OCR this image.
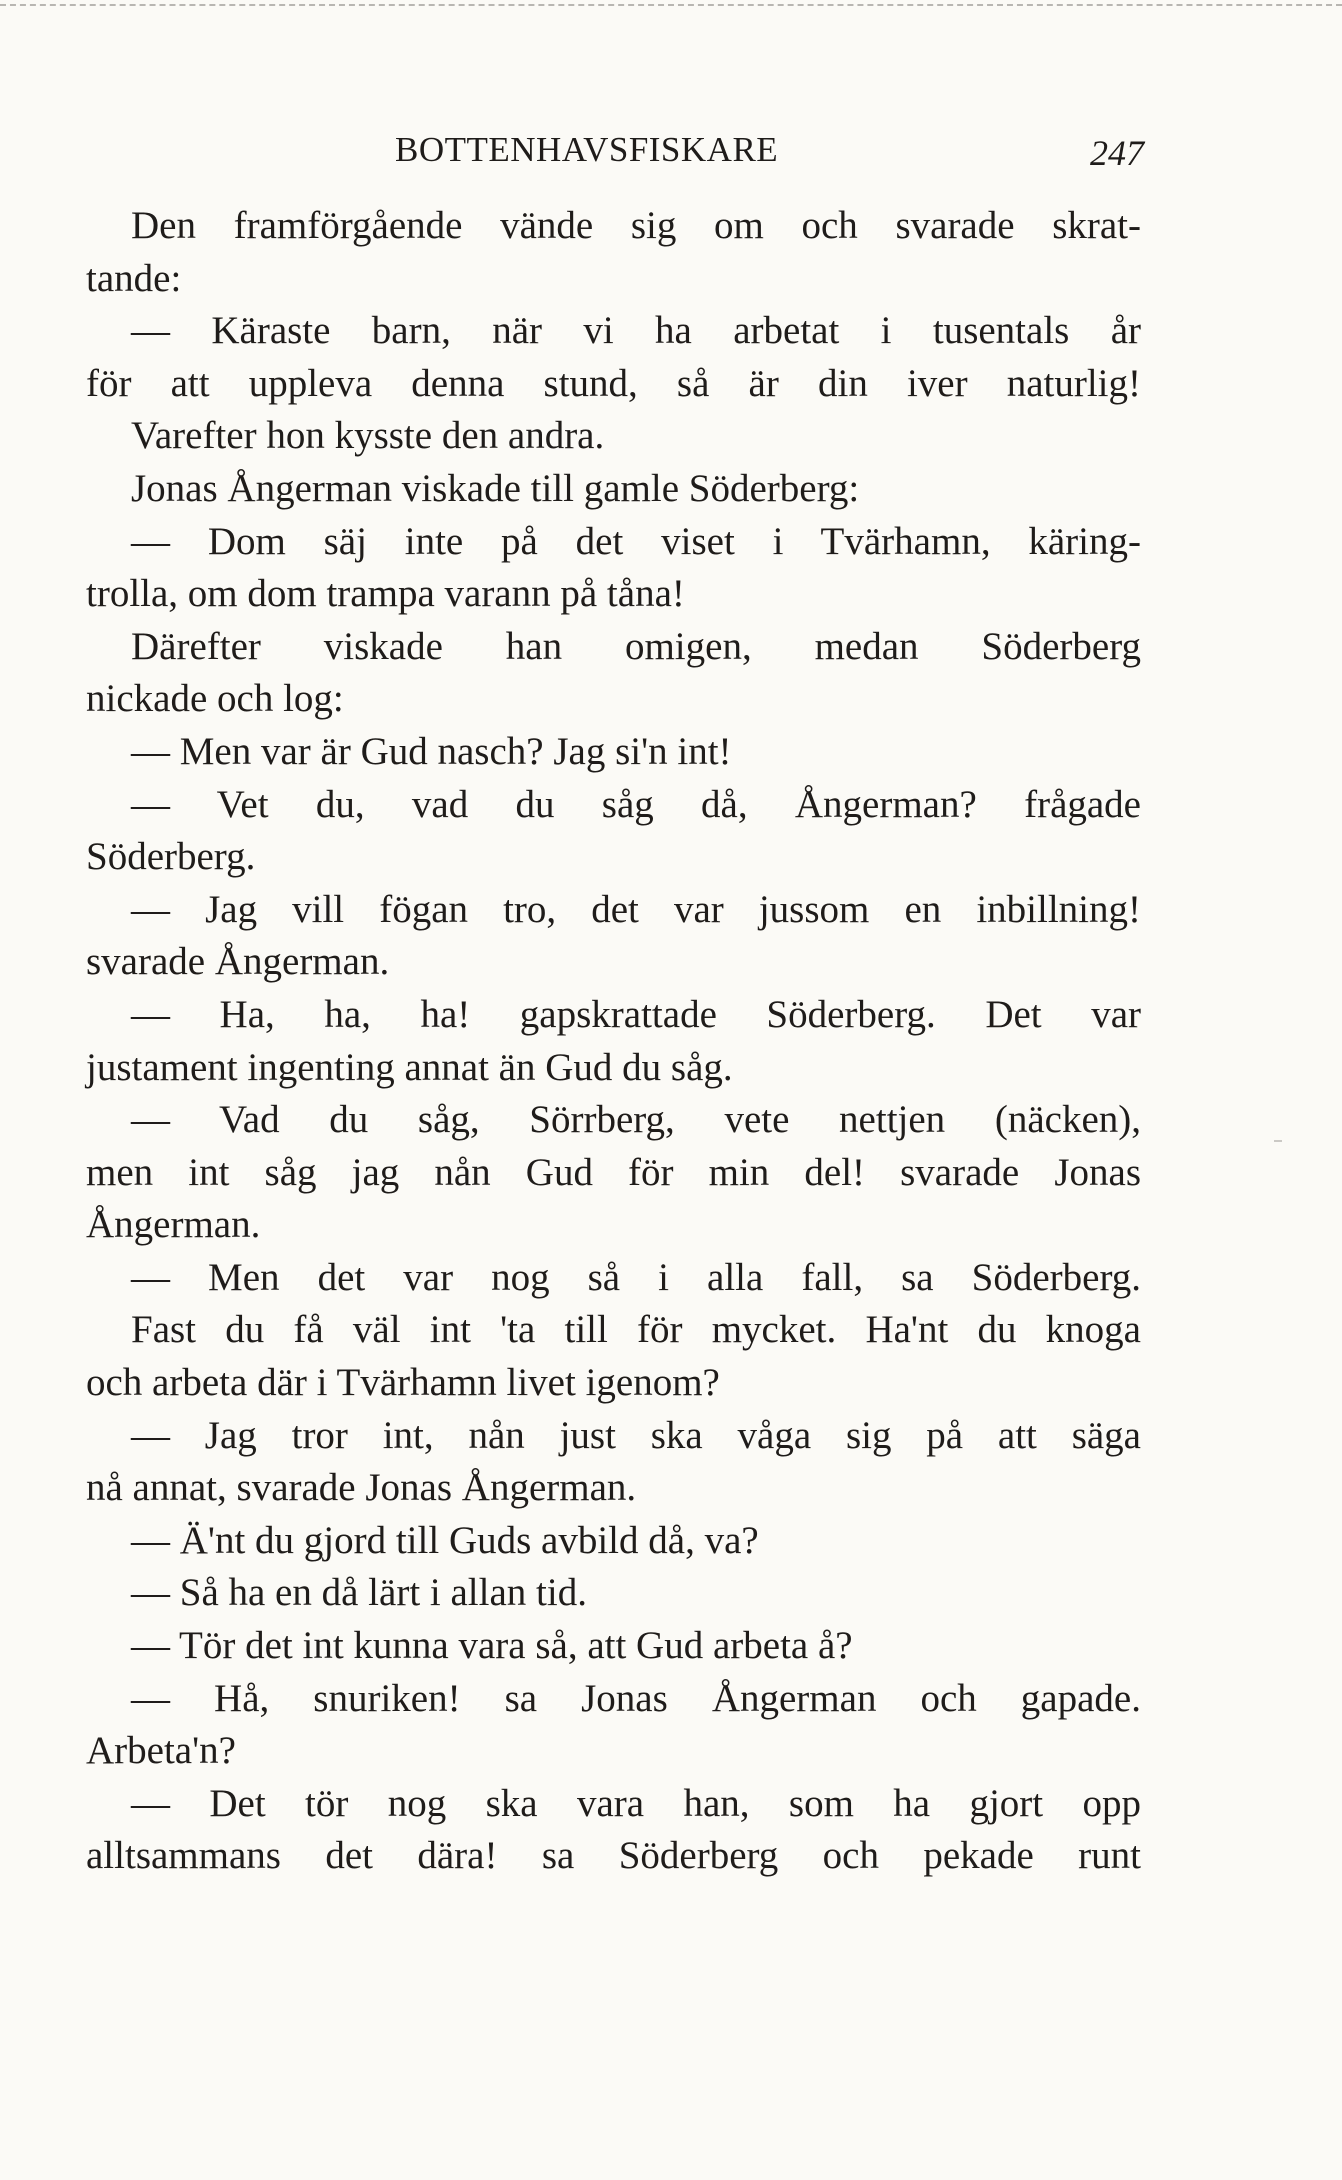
BOTTENHAVSFISKARE	247
Den framförgående vände sig om och svarade skrat-
tande:
— Käraste barn, när vi ha arbetat i tusentals år
för att uppleva denna stund, så är din iver naturlig!
Varefter hon kysste den andra.
Jonas Ångerman viskade till gamle Söderberg:
— Dom säj inte på det viset i Tvärhamn, käring-
trolla, om dom trampa varann på tåna!
Därefter viskade han omigen, medan Söderberg
nickade och log:
— Men var är Gud nasch? Jag si'n int!
— Vet du, vad du såg då, Ångerman? frågade
Söderberg.
— Jag vill fögan tro, det var jussom en inbillning!
svarade Ångerman.
— Ha, ha, ha! gapskrattade Söderberg. Det var
justament ingenting annat än Gud du såg.
— Vad du såg, Sörrberg, vete nettjen (näcken),
men int såg jag nån Gud för min del! svarade Jonas
Ångerman.
— Men det var nog så i alla fall, sa Söderberg.
Fast du få väl int 'ta till för mycket. Ha'nt du knoga
och arbeta där i Tvärhamn livet igenom?
— Jag tror int, nån just ska våga sig på att säga
nå annat, svarade Jonas Ångerman.
— Ä'nt du gjord till Guds avbild då, va?
— Så ha en då lärt i allan tid.
— Tör det int kunna vara så, att Gud arbeta å?
— Hå, snuriken! sa Jonas Ångerman och gapade.
Arbeta'n?
— Det tör nog ska vara han, som ha gjort opp
alltsammans det dära! sa Söderberg och pekade runt
